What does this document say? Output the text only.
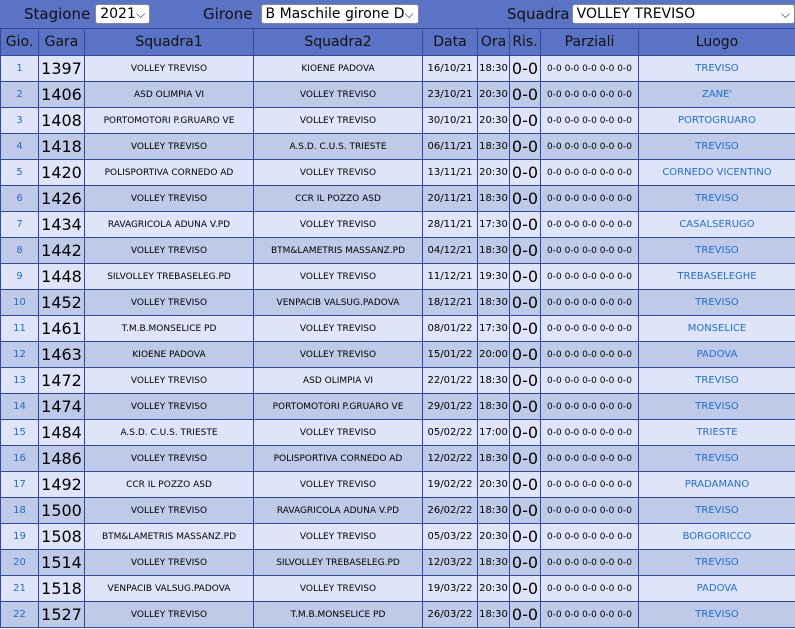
Stagione 2021 ⌵	Girone B Maschile girone D ⌵	Squadra VOLLEY TREVISO	⌵
Gio.	Gara	Squadra1	Squadra2	Data	Ora	Ris.	Parziali	Luogo
1	1397	VOLLEY TREVISO	KIOENE PADOVA	16/10/21	18:30	0-0	0-0 0-0 0-0 0-0 0-0	TREVISO
2	1406	ASD OLIMPIA VI	VOLLEY TREVISO	23/10/21	20:30	0-0	0-0 0-0 0-0 0-0 0-0	ZANE'
3	1408	PORTOMOTORI P.GRUARO VE	VOLLEY TREVISO	30/10/21	20:30	0-0	0-0 0-0 0-0 0-0 0-0	PORTOGRUARO
4	1418	VOLLEY TREVISO	A.S.D. C.U.S. TRIESTE	06/11/21	18:30	0-0	0-0 0-0 0-0 0-0 0-0	TREVISO
5	1420	POLISPORTIVA CORNEDO AD	VOLLEY TREVISO	13/11/21	20:30	0-0	0-0 0-0 0-0 0-0 0-0	CORNEDO VICENTINO
6	1426	VOLLEY TREVISO	CCR IL POZZO ASD	20/11/21	18:30	0-0	0-0 0-0 0-0 0-0 0-0	TREVISO
7	1434	RAVAGRICOLA ADUNA V.PD	VOLLEY TREVISO	28/11/21	17:30	0-0	0-0 0-0 0-0 0-0 0-0	CASALSERUGO
8	1442	VOLLEY TREVISO	BTM&LAMETRIS MASSANZ.PD	04/12/21	18:30	0-0	0-0 0-0 0-0 0-0 0-0	TREVISO
9	1448	SILVOLLEY TREBASELEG.PD	VOLLEY TREVISO	11/12/21	19:30	0-0	0-0 0-0 0-0 0-0 0-0	TREBASELEGHE
10	1452	VOLLEY TREVISO	VENPACIB VALSUG.PADOVA	18/12/21	18:30	0-0	0-0 0-0 0-0 0-0 0-0	TREVISO
11	1461	T.M.B.MONSELICE PD	VOLLEY TREVISO	08/01/22	17:30	0-0	0-0 0-0 0-0 0-0 0-0	MONSELICE
12	1463	KIOENE PADOVA	VOLLEY TREVISO	15/01/22	20:00	0-0	0-0 0-0 0-0 0-0 0-0	PADOVA
13	1472	VOLLEY TREVISO	ASD OLIMPIA VI	22/01/22	18:30	0-0	0-0 0-0 0-0 0-0 0-0	TREVISO
14	1474	VOLLEY TREVISO	PORTOMOTORI P.GRUARO VE	29/01/22	18:30	0-0	0-0 0-0 0-0 0-0 0-0	TREVISO
15	1484	A.S.D. C.U.S. TRIESTE	VOLLEY TREVISO	05/02/22	17:00	0-0	0-0 0-0 0-0 0-0 0-0	TRIESTE
16	1486	VOLLEY TREVISO	POLISPORTIVA CORNEDO AD	12/02/22	18:30	0-0	0-0 0-0 0-0 0-0 0-0	TREVISO
17	1492	CCR IL POZZO ASD	VOLLEY TREVISO	19/02/22	20:30	0-0	0-0 0-0 0-0 0-0 0-0	PRADAMANO
18	1500	VOLLEY TREVISO	RAVAGRICOLA ADUNA V.PD	26/02/22	18:30	0-0	0-0 0-0 0-0 0-0 0-0	TREVISO
19	1508	BTM&LAMETRIS MASSANZ.PD	VOLLEY TREVISO	05/03/22	20:30	0-0	0-0 0-0 0-0 0-0 0-0	BORGORICCO
20	1514	VOLLEY TREVISO	SILVOLLEY TREBASELEG.PD	12/03/22	18:30	0-0	0-0 0-0 0-0 0-0 0-0	TREVISO
21	1518	VENPACIB VALSUG.PADOVA	VOLLEY TREVISO	19/03/22	20:30	0-0	0-0 0-0 0-0 0-0 0-0	PADOVA
22	1527	VOLLEY TREVISO	T.M.B.MONSELICE PD	26/03/22	18:30	0-0	0-0 0-0 0-0 0-0 0-0	TREVISO
